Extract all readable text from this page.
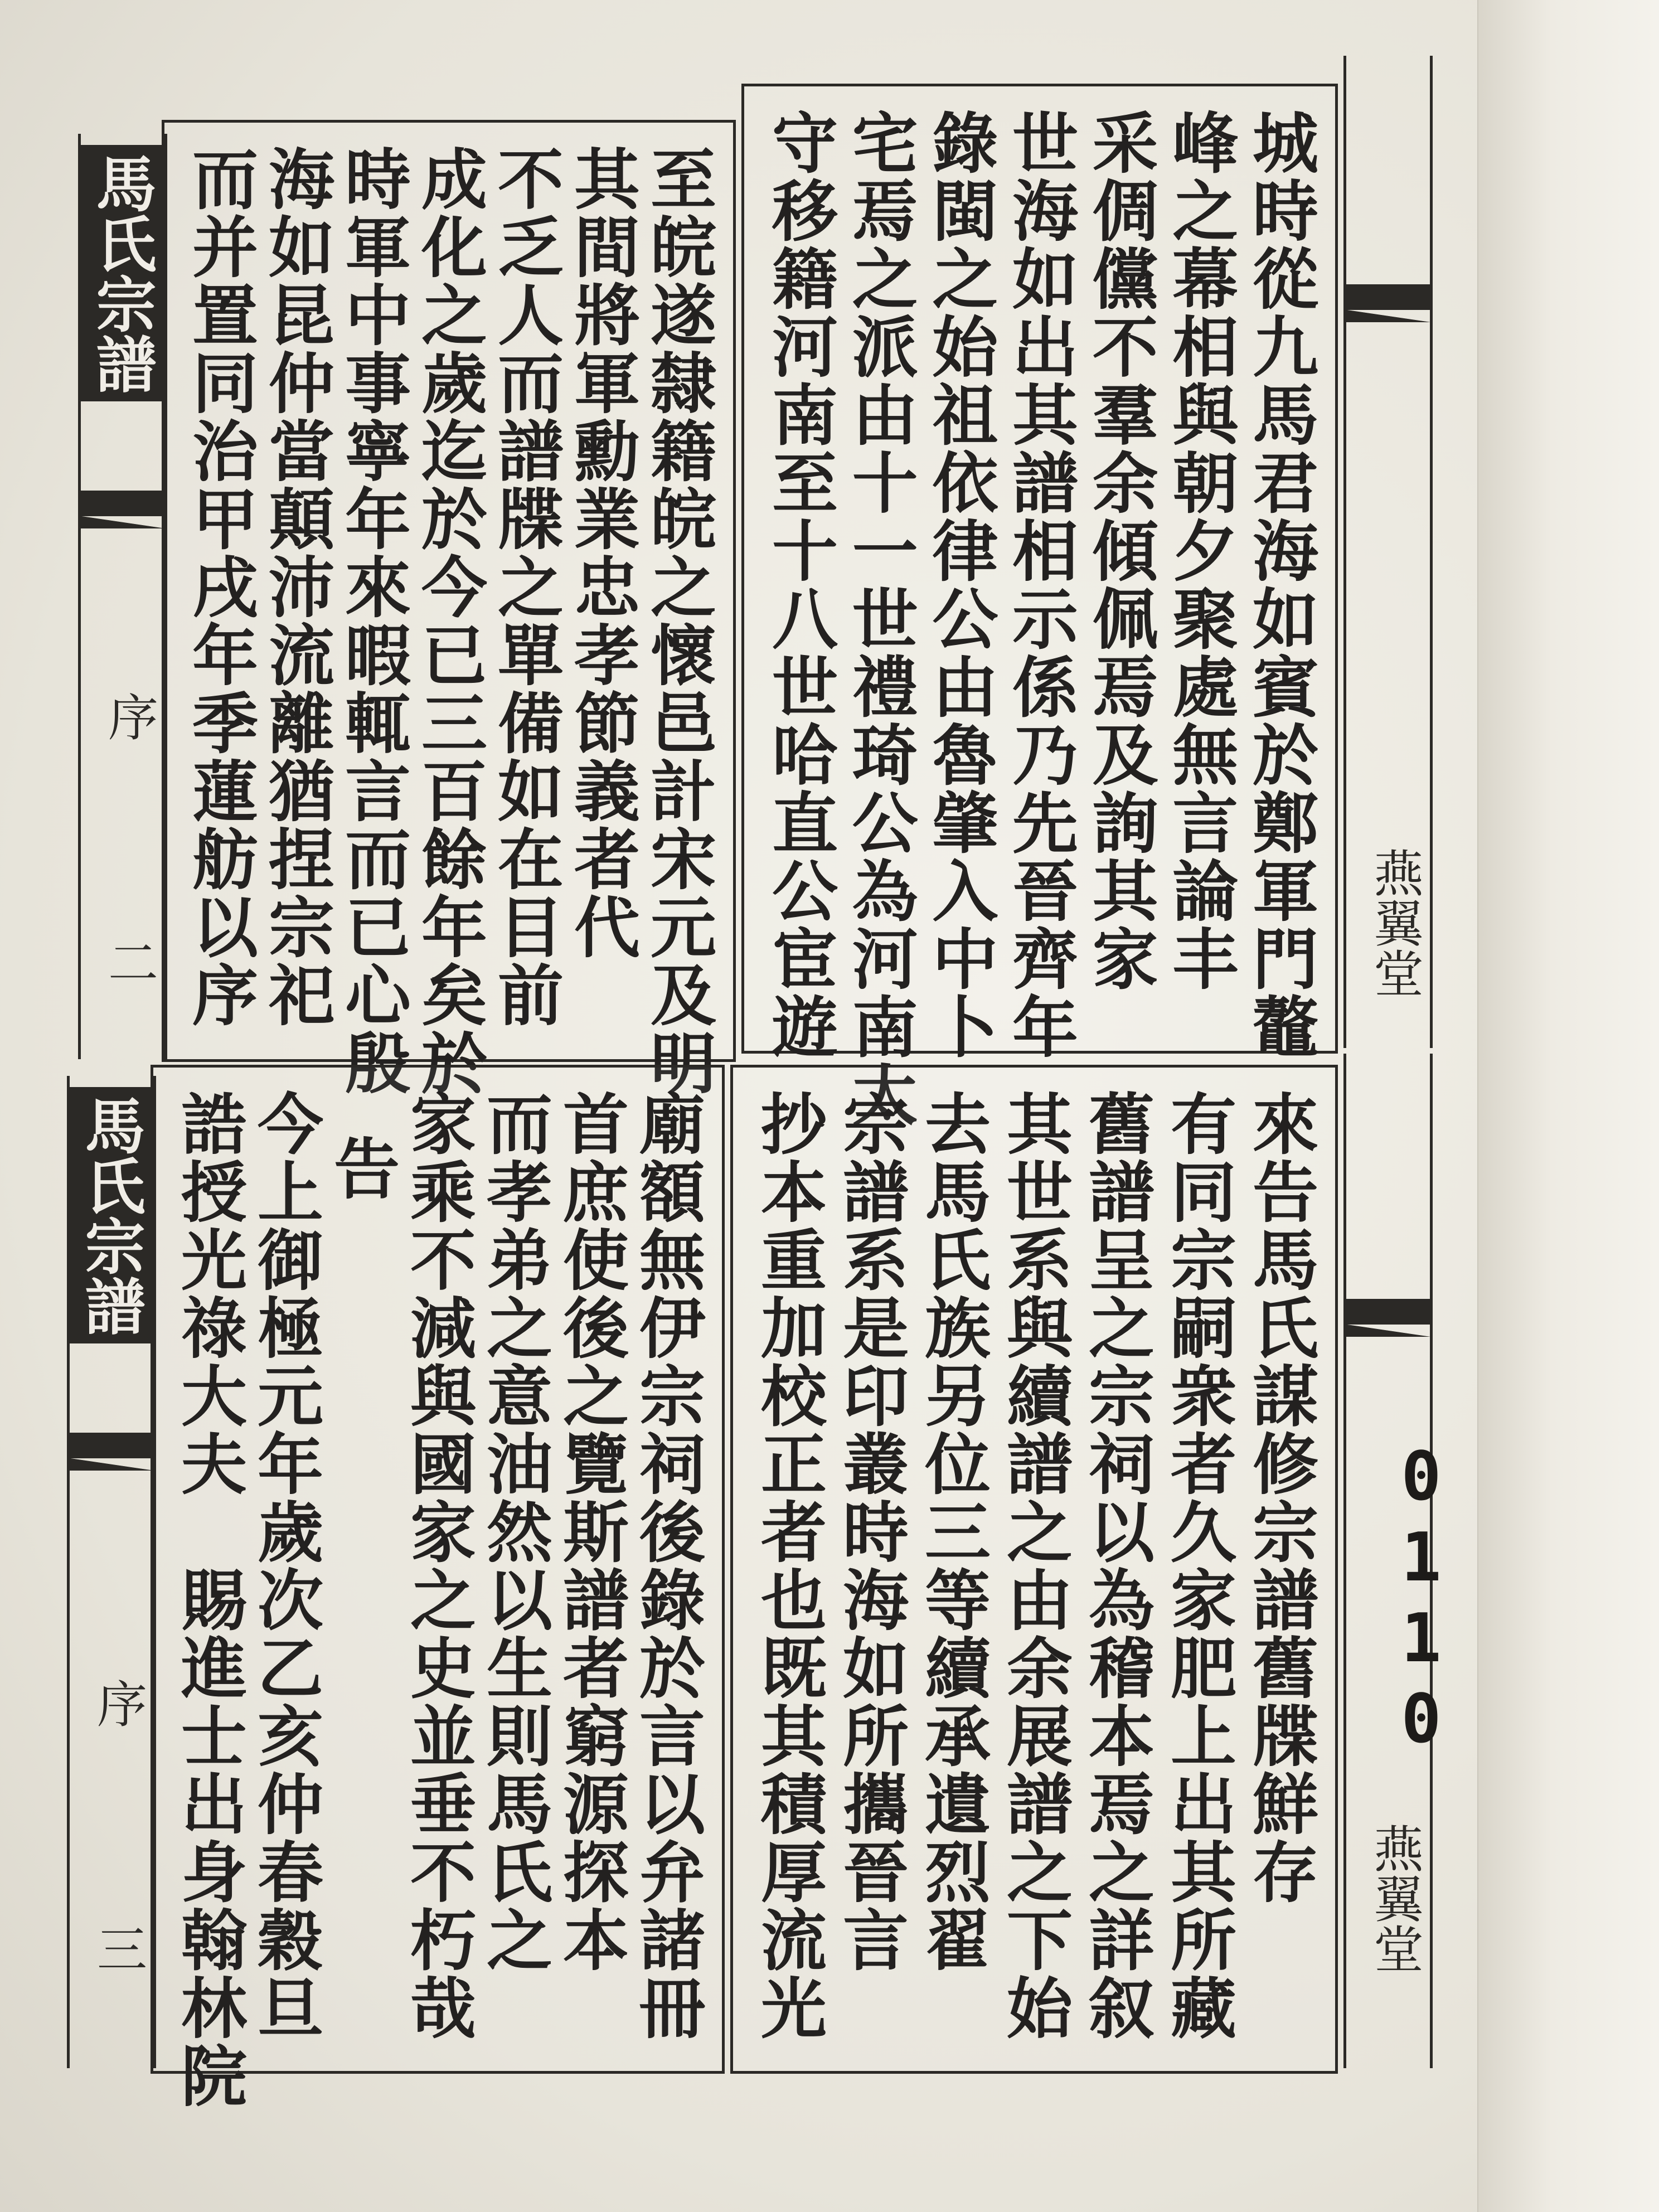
至皖遂隸籍皖之懷邑計宋元及明
其間將軍勳業忠孝節義者代
不乏人而譜牒之單備如在目前
成化之歲迄於今已三百餘年矣於
時軍中事寧年來暇輒言而已心殷
海如昆仲當顛沛流離猶捏宗祀
而并置同治甲戌年季蓮舫以序	城時從九馬君海如賓於鄭軍門鼇
峰之幕相與朝夕聚處無言論丰
采倜儻不羣余傾佩焉及詢其家
世海如出其譜相示係乃先晉齊年
錄閩之始祖依律公由魯肇入中卜
宅焉之派由十一世禮琦公為河南太
守移籍河南至十八世哈直公宦遊
馬氏宗譜
序
二	燕翼堂
廟額無伊宗祠後錄於言以弁諸冊
首庶使後之覽斯譜者窮源探本
而孝弟之意油然以生則馬氏之
家乘不減與國家之史並垂不朽哉
告
今上御極元年歲次乙亥仲春穀旦
誥授光祿大夫　賜進士出身翰林院	來告馬氏謀修宗譜舊牒鮮存
有同宗嗣衆者久家肥上出其所藏
舊譜呈之宗祠以為稽本焉之詳叙
其世系與續譜之由余展譜之下始
去馬氏族另位三等續承遺烈翟
宗譜系是印叢時海如所攜晉言
抄本重加校正者也既其積厚流光
馬氏宗譜
序
三	燕翼堂
0110
